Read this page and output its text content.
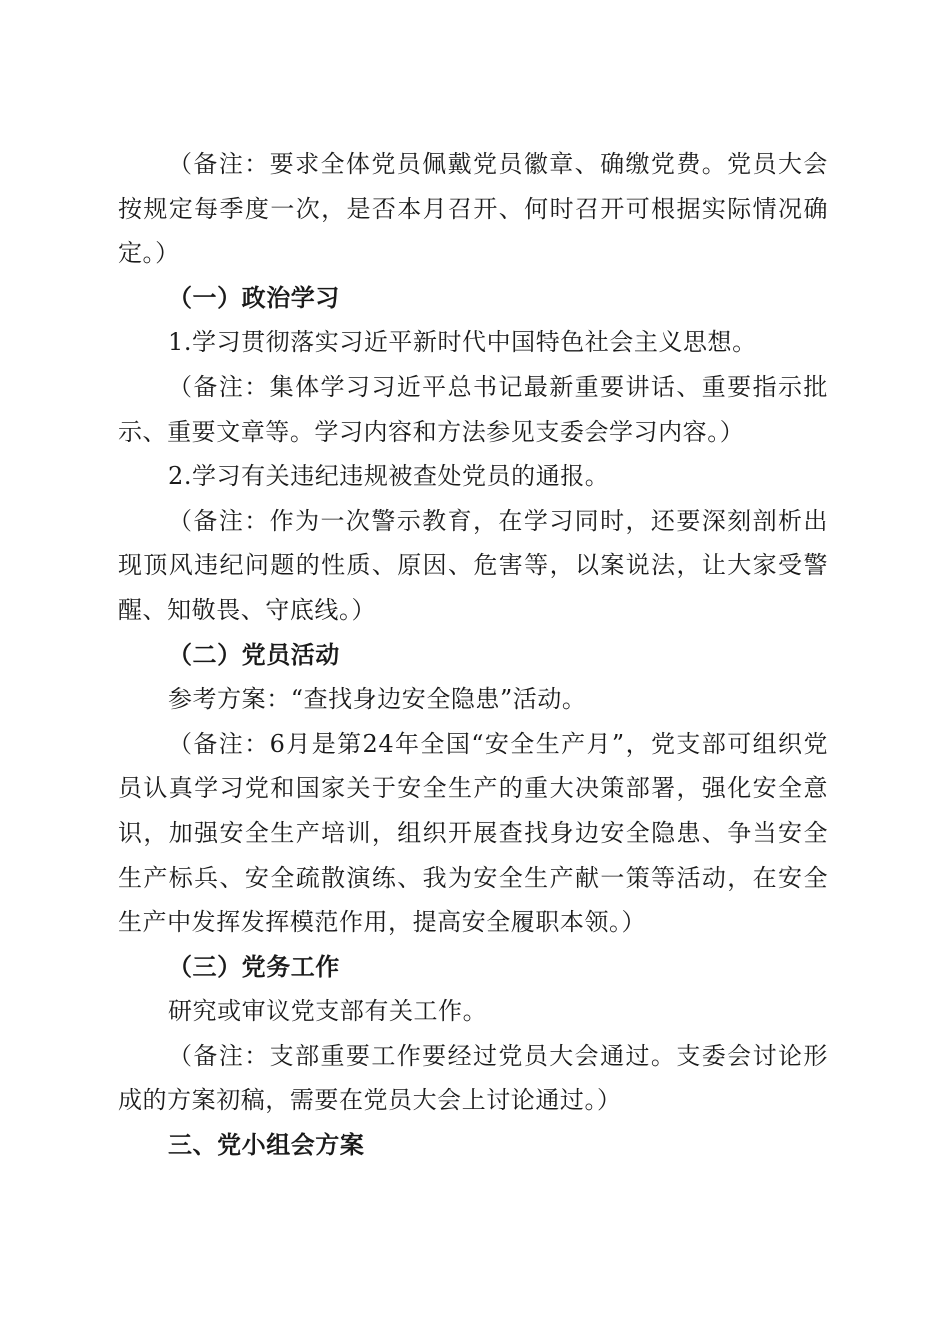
（备注：要求全体党员佩戴党员徽章、确缴党费。党员大会按规定每季度一次，是否本月召开、何时召开可根据实际情况确定。）

（一）政治学习

1.学习贯彻落实习近平新时代中国特色社会主义思想。

（备注：集体学习习近平总书记最新重要讲话、重要指示批示、重要文章等。学习内容和方法参见支委会学习内容。）

2.学习有关违纪违规被查处党员的通报。

（备注：作为一次警示教育，在学习同时，还要深刻剖析出现顶风违纪问题的性质、原因、危害等，以案说法，让大家受警醒、知敬畏、守底线。）

（二）党员活动

参考方案：“查找身边安全隐患”活动。

（备注：6月是第24年全国“安全生产月”，党支部可组织党员认真学习党和国家关于安全生产的重大决策部署，强化安全意识，加强安全生产培训，组织开展查找身边安全隐患、争当安全生产标兵、安全疏散演练、我为安全生产献一策等活动，在安全生产中发挥发挥模范作用，提高安全履职本领。）

（三）党务工作

研究或审议党支部有关工作。

（备注：支部重要工作要经过党员大会通过。支委会讨论形成的方案初稿，需要在党员大会上讨论通过。）

三、党小组会方案
